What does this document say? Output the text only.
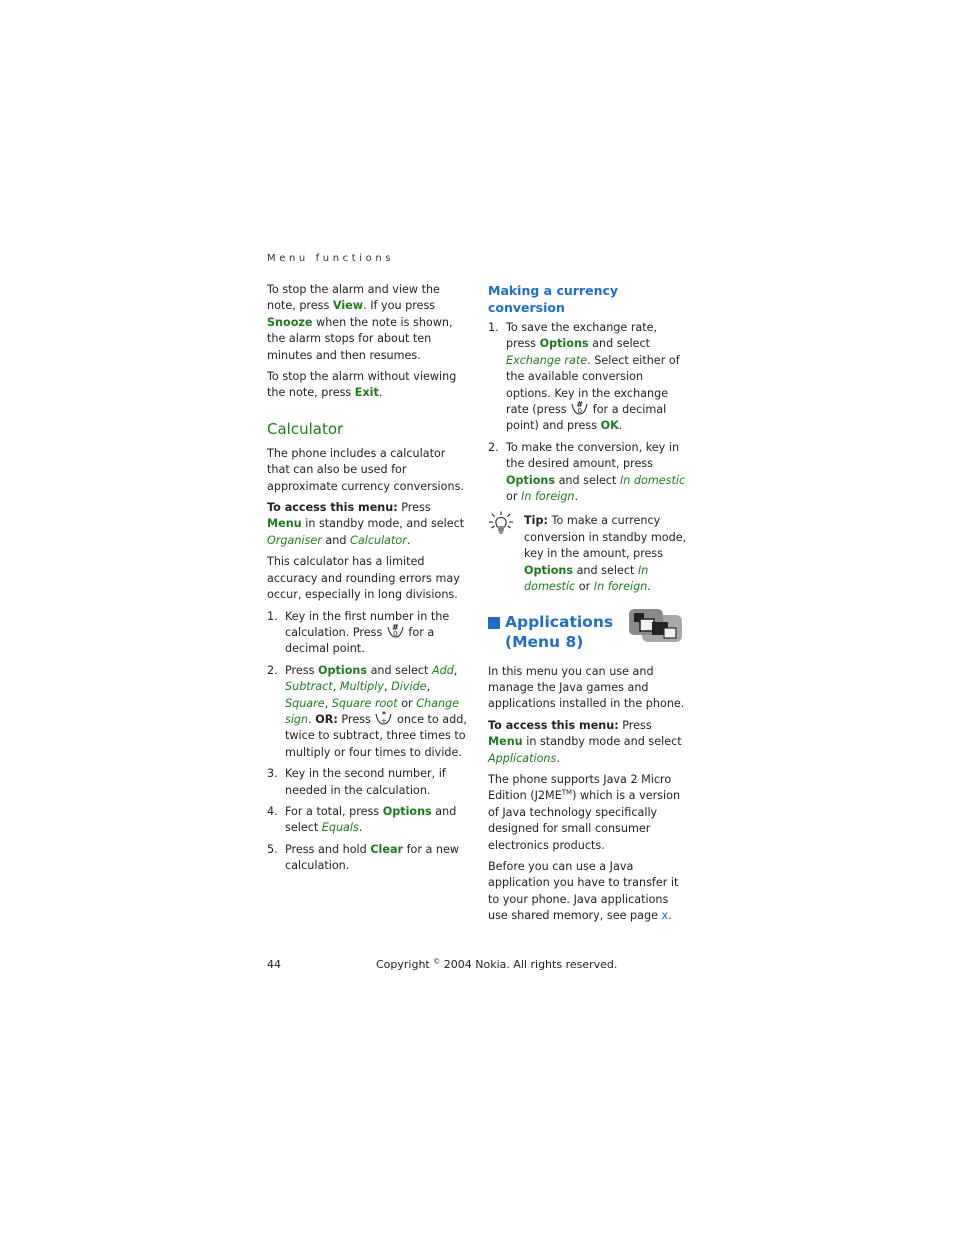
Menu functions

To stop the alarm and view the note, press View. If you press Snooze when the note is shown, the alarm stops for about ten minutes and then resumes.

To stop the alarm without viewing the note, press Exit.

Calculator

The phone includes a calculator that can also be used for approximate currency conversions.

To access this menu: Press Menu in standby mode, and select Organiser and Calculator.

This calculator has a limited accuracy and rounding errors may occur, especially in long divisions.

1. Key in the first number in the calculation. Press #
0 for a decimal point.
2. Press Options and select Add, Subtract, Multiply, Divide, Square, Square root or Change sign. OR: Press *
+ once to add, twice to subtract, three times to multiply or four times to divide.
3. Key in the second number, if needed in the calculation.
4. For a total, press Options and select Equals.
5. Press and hold Clear for a new calculation.
Making a currency conversion
1. To save the exchange rate, press Options and select Exchange rate. Select either of the available conversion options. Key in the exchange rate (press #
0 for a decimal point) and press OK.
2. To make the conversion, key in the desired amount, press Options and select In domestic or In foreign.
Tip: To make a currency conversion in standby mode, key in the amount, press Options and select In domestic or In foreign.
Applications
(Menu 8)

In this menu you can use and manage the Java games and applications installed in the phone.

To access this menu: Press Menu in standby mode and select Applications.

The phone supports Java 2 Micro Edition (J2ME™) which is a version of Java technology specifically designed for small consumer electronics products.

Before you can use a Java application you have to transfer it to your phone. Java applications use shared memory, see page x.

44	Copyright © 2004 Nokia. All rights reserved.
